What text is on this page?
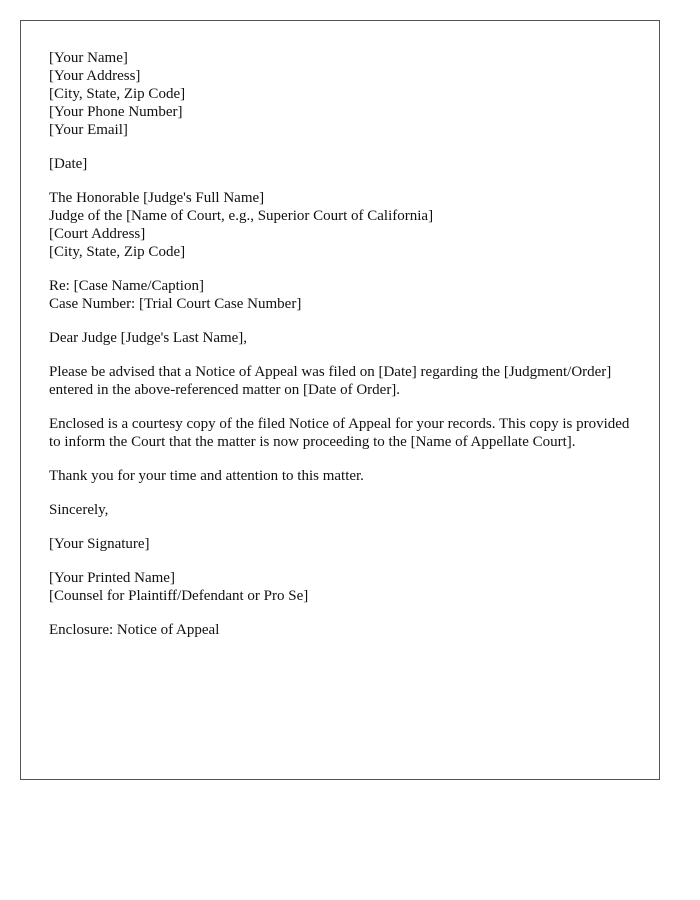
[Your Name]
[Your Address]
[City, State, Zip Code]
[Your Phone Number]
[Your Email]
[Date]
The Honorable [Judge's Full Name]
Judge of the [Name of Court, e.g., Superior Court of California]
[Court Address]
[City, State, Zip Code]
Re: [Case Name/Caption]
Case Number: [Trial Court Case Number]
Dear Judge [Judge's Last Name],
Please be advised that a Notice of Appeal was filed on [Date] regarding the [Judgment/Order] entered in the above-referenced matter on [Date of Order].
Enclosed is a courtesy copy of the filed Notice of Appeal for your records. This copy is provided to inform the Court that the matter is now proceeding to the [Name of Appellate Court].
Thank you for your time and attention to this matter.
Sincerely,
[Your Signature]
[Your Printed Name]
[Counsel for Plaintiff/Defendant or Pro Se]
Enclosure: Notice of Appeal
